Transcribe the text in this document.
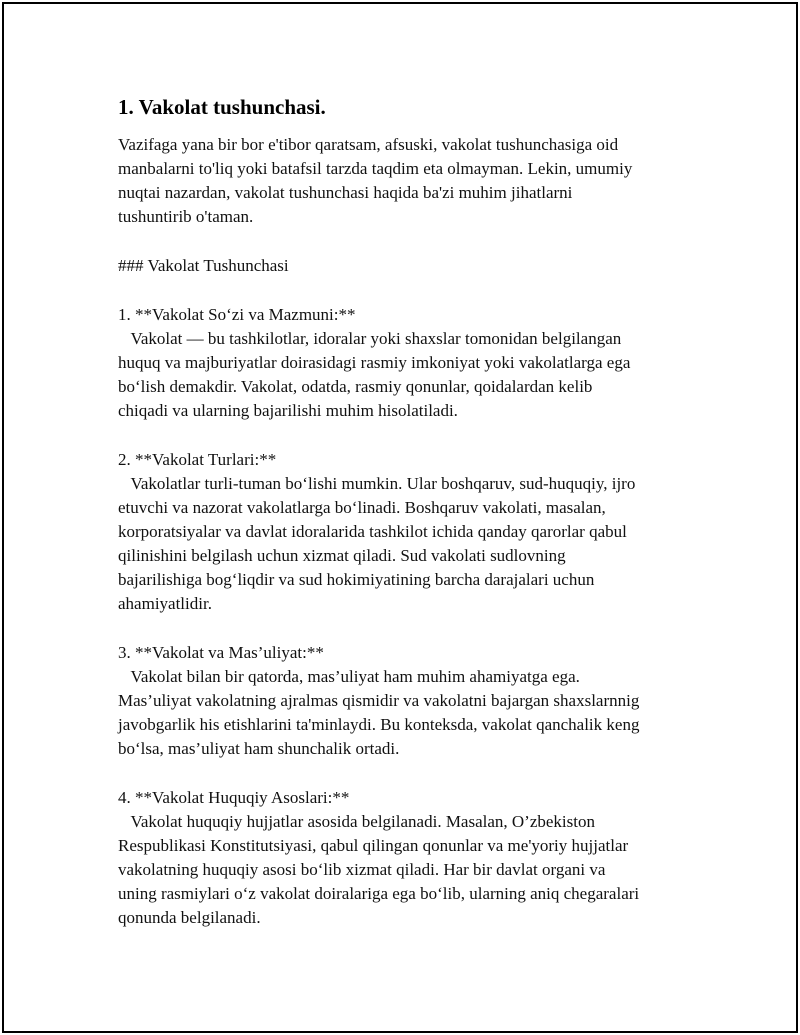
1. Vakolat tushunchasi.
Vazifaga yana bir bor e'tibor qaratsam, afsuski, vakolat tushunchasiga oid
manbalarni to'liq yoki batafsil tarzda taqdim eta olmayman. Lekin, umumiy
nuqtai nazardan, vakolat tushunchasi haqida ba'zi muhim jihatlarni
tushuntirib o'taman.
### Vakolat Tushunchasi
1. **Vakolat So‘zi va Mazmuni:**
Vakolat — bu tashkilotlar, idoralar yoki shaxslar tomonidan belgilangan
huquq va majburiyatlar doirasidagi rasmiy imkoniyat yoki vakolatlarga ega
bo‘lish demakdir. Vakolat, odatda, rasmiy qonunlar, qoidalardan kelib
chiqadi va ularning bajarilishi muhim hisolatiladi.
2. **Vakolat Turlari:**
Vakolatlar turli-tuman bo‘lishi mumkin. Ular boshqaruv, sud-huquqiy, ijro
etuvchi va nazorat vakolatlarga bo‘linadi. Boshqaruv vakolati, masalan,
korporatsiyalar va davlat idoralarida tashkilot ichida qanday qarorlar qabul
qilinishini belgilash uchun xizmat qiladi. Sud vakolati sudlovning
bajarilishiga bog‘liqdir va sud hokimiyatining barcha darajalari uchun
ahamiyatlidir.
3. **Vakolat va Mas’uliyat:**
Vakolat bilan bir qatorda, mas’uliyat ham muhim ahamiyatga ega.
Mas’uliyat vakolatning ajralmas qismidir va vakolatni bajargan shaxslarnnig
javobgarlik his etishlarini ta'minlaydi. Bu konteksda, vakolat qanchalik keng
bo‘lsa, mas’uliyat ham shunchalik ortadi.
4. **Vakolat Huquqiy Asoslari:**
Vakolat huquqiy hujjatlar asosida belgilanadi. Masalan, O’zbekiston
Respublikasi Konstitutsiyasi, qabul qilingan qonunlar va me'yoriy hujjatlar
vakolatning huquqiy asosi bo‘lib xizmat qiladi. Har bir davlat organi va
uning rasmiylari o‘z vakolat doiralariga ega bo‘lib, ularning aniq chegaralari
qonunda belgilanadi.
